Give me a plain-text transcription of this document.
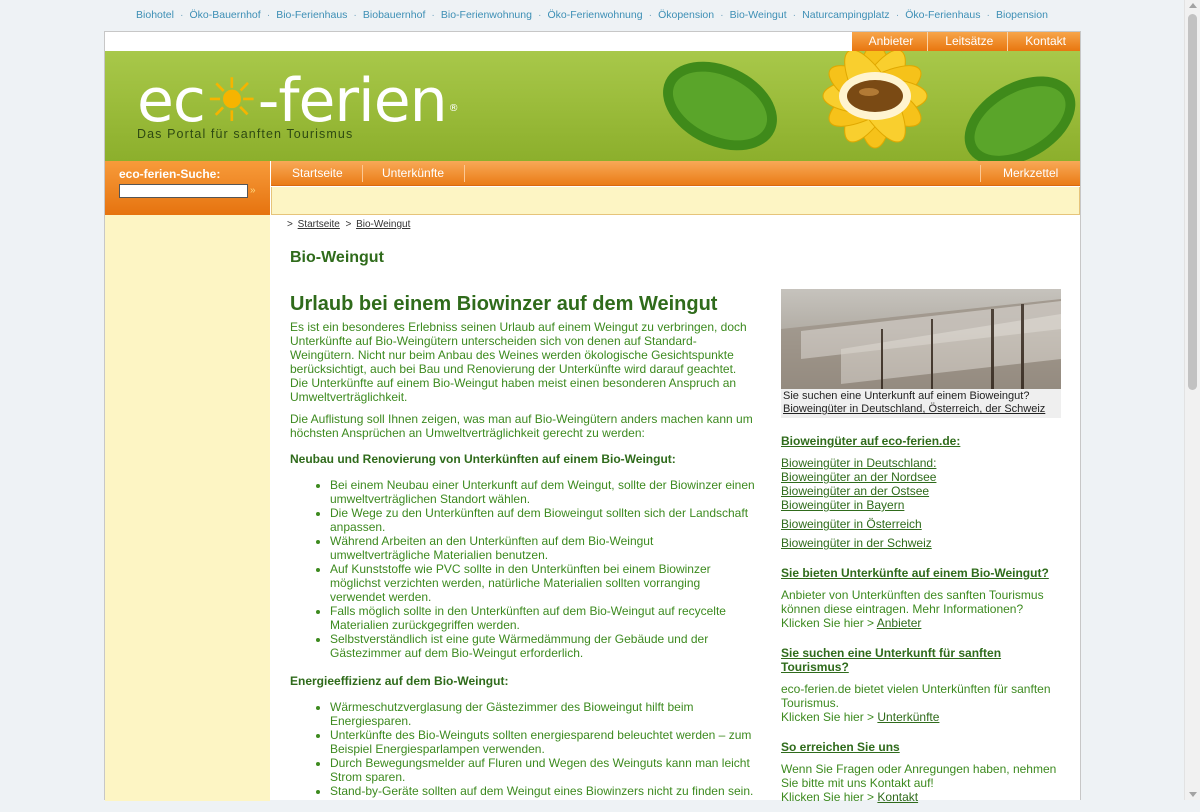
Biohotel · Öko-Bauernhof · Bio-Ferienhaus · Biobauernhof · Bio-Ferienwohnung · Öko-Ferienwohnung · Ökopension · Bio-Weingut · Naturcampingplatz · Öko-Ferienhaus · Biopension
Anbieter	Leitsätze	Kontakt
ec☀-ferien ®
Das Portal für sanften Tourismus
eco-ferien-Suche:
»
Startseite	Unterkünfte	Merkzettel
> Startseite > Bio-Weingut
Bio-Weingut
Urlaub bei einem Biowinzer auf dem Weingut

Es ist ein besonderes Erlebniss seinen Urlaub auf einem Weingut zu verbringen, doch Unterkünfte auf Bio-Weingütern unterscheiden sich von denen auf Standard-Weingütern. Nicht nur beim Anbau des Weines werden ökologische Gesichtspunkte berücksichtigt, auch bei Bau und Renovierung der Unterkünfte wird darauf geachtet. Die Unterkünfte auf einem Bio-Weingut haben meist einen besonderen Anspruch an Umweltverträglichkeit.

Die Auflistung soll Ihnen zeigen, was man auf Bio-Weingütern anders machen kann um höchsten Ansprüchen an Umweltverträglichkeit gerecht zu werden:

Neubau und Renovierung von Unterkünften auf einem Bio-Weingut:
• Bei einem Neubau einer Unterkunft auf dem Weingut, sollte der Biowinzer einen umweltverträglichen Standort wählen.
• Die Wege zu den Unterkünften auf dem Bioweingut sollten sich der Landschaft anpassen.
• Während Arbeiten an den Unterkünften auf dem Bio-Weingut umweltverträgliche Materialien benutzen.
• Auf Kunststoffe wie PVC sollte in den Unterkünften bei einem Biowinzer möglichst verzichten werden, natürliche Materialien sollten vorranging verwendet werden.
• Falls möglich sollte in den Unterkünften auf dem Bio-Weingut auf recycelte Materialien zurückgegriffen werden.
• Selbstverständlich ist eine gute Wärmedämmung der Gebäude und der Gästezimmer auf dem Bio-Weingut erforderlich.
Energieeffizienz auf dem Bio-Weingut:
• Wärmeschutzverglasung der Gästezimmer des Bioweingut hilft beim Energiesparen.
• Unterkünfte des Bio-Weinguts sollten energiesparend beleuchtet werden – zum Beispiel Energiesparlampen verwenden.
• Durch Bewegungsmelder auf Fluren und Wegen des Weinguts kann man leicht Strom sparen.
• Stand-by-Geräte sollten auf dem Weingut eines Biowinzers nicht zu finden sein.
Sie suchen eine Unterkunft auf einem Bioweingut?
Bioweingüter in Deutschland, Österreich, der Schweiz
Bioweingüter auf eco-ferien.de:
Bioweingüter in Deutschland:
Bioweingüter an der Nordsee
Bioweingüter an der Ostsee
Bioweingüter in Bayern
Bioweingüter in Österreich
Bioweingüter in der Schweiz
Sie bieten Unterkünfte auf einem Bio-Weingut?

Anbieter von Unterkünften des sanften Tourismus können diese eintragen. Mehr Informationen?
Klicken Sie hier > Anbieter

Sie suchen eine Unterkunft für sanften Tourismus?

eco-ferien.de bietet vielen Unterkünften für sanften Tourismus.
Klicken Sie hier > Unterkünfte

So erreichen Sie uns

Wenn Sie Fragen oder Anregungen haben, nehmen Sie bitte mit uns Kontakt auf!
Klicken Sie hier > Kontakt
